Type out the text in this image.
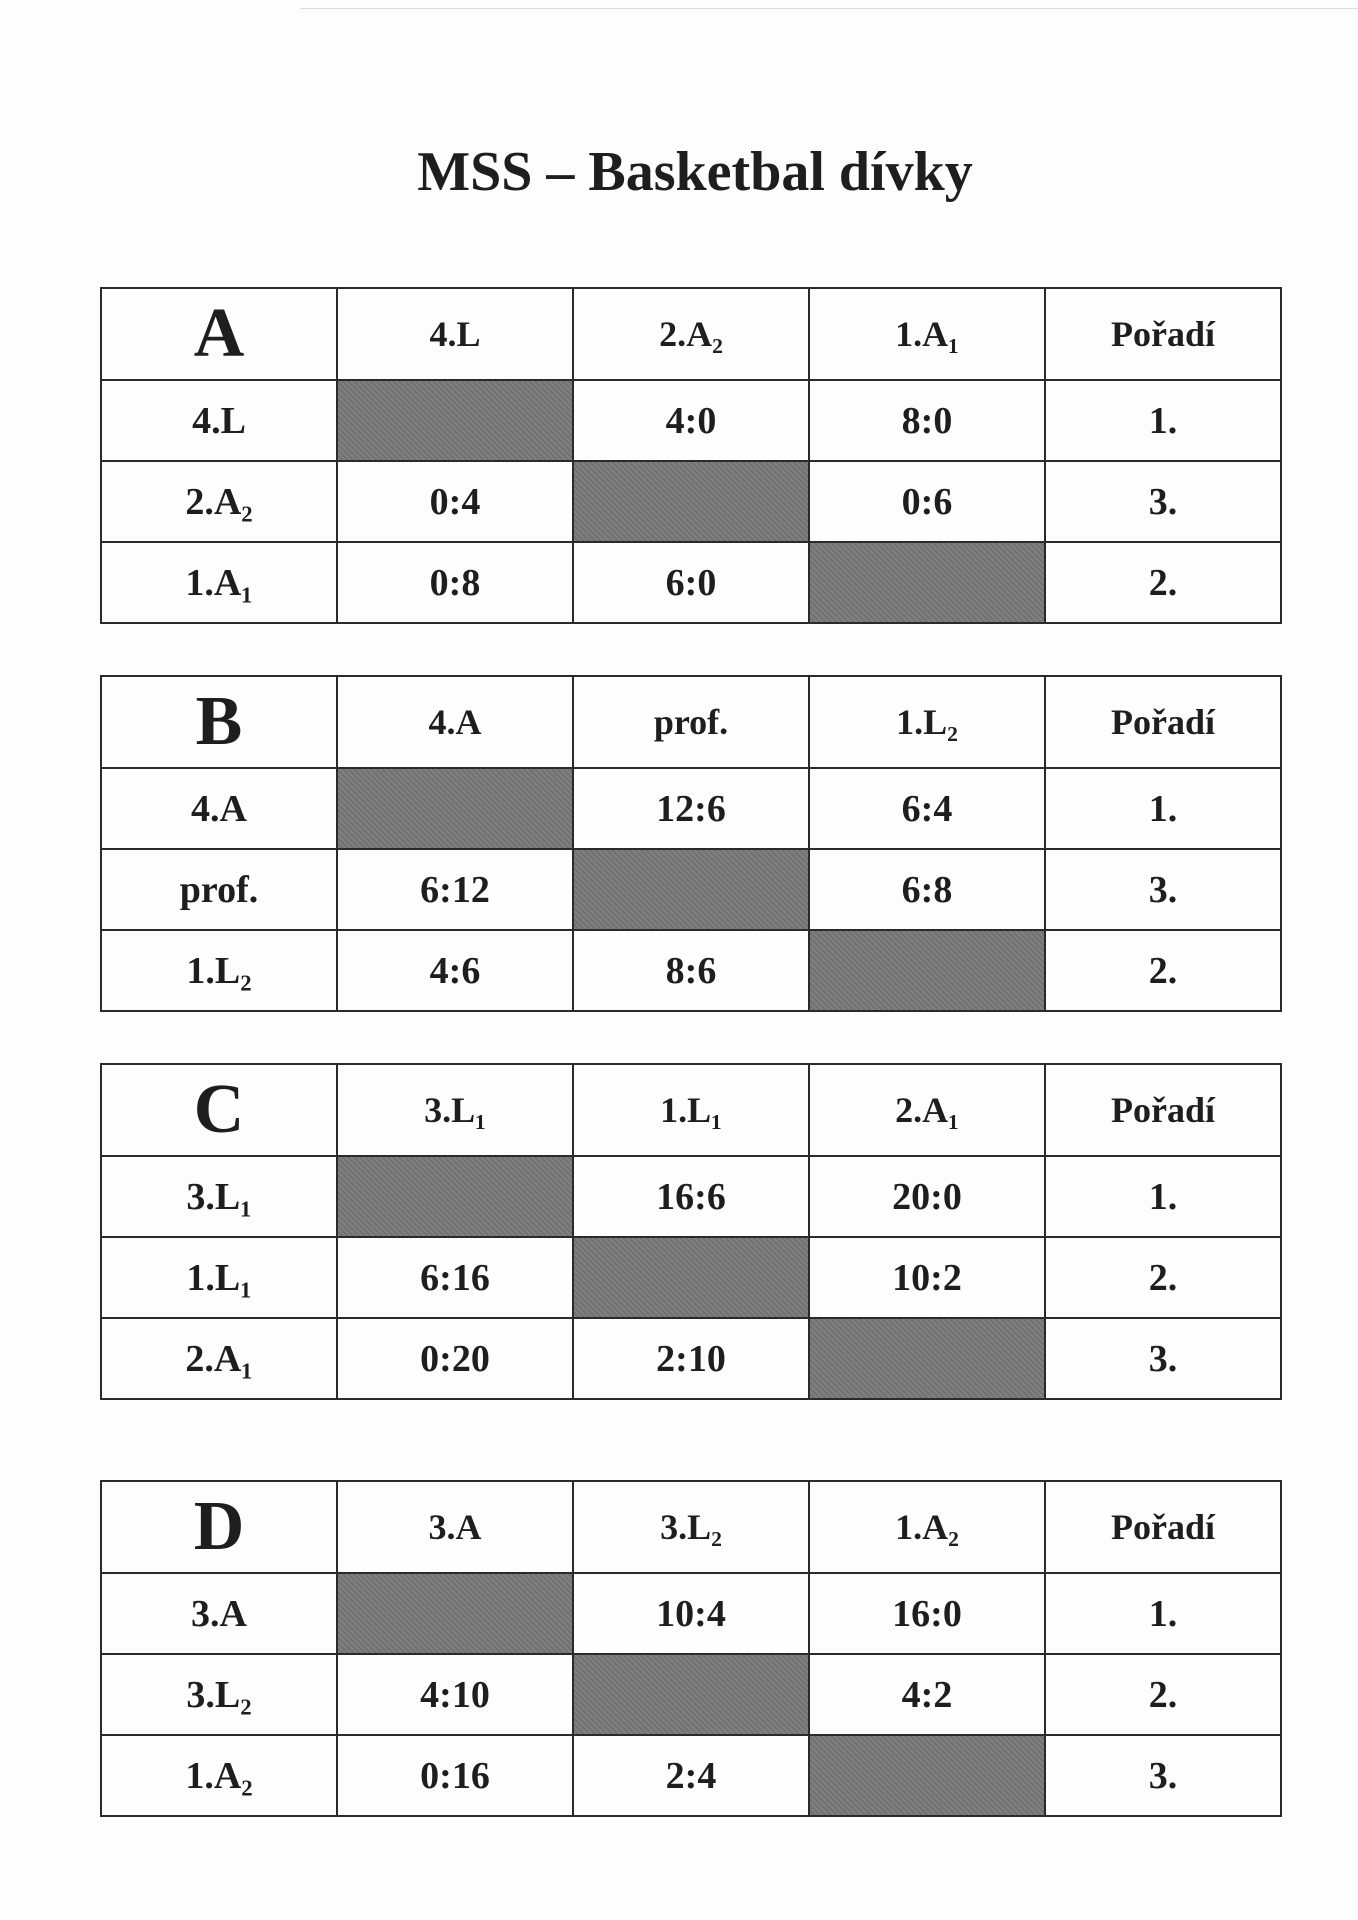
MSS – Basketbal dívky
A	4.L	2.A₂	1.A₁	Pořadí
4.L		4:0	8:0	1.
2.A₂	0:4		0:6	3.
1.A₁	0:8	6:0		2.
B	4.A	prof.	1.L₂	Pořadí
4.A		12:6	6:4	1.
prof.	6:12		6:8	3.
1.L₂	4:6	8:6		2.
C	3.L₁	1.L₁	2.A₁	Pořadí
3.L₁		16:6	20:0	1.
1.L₁	6:16		10:2	2.
2.A₁	0:20	2:10		3.
D	3.A	3.L₂	1.A₂	Pořadí
3.A		10:4	16:0	1.
3.L₂	4:10		4:2	2.
1.A₂	0:16	2:4		3.
